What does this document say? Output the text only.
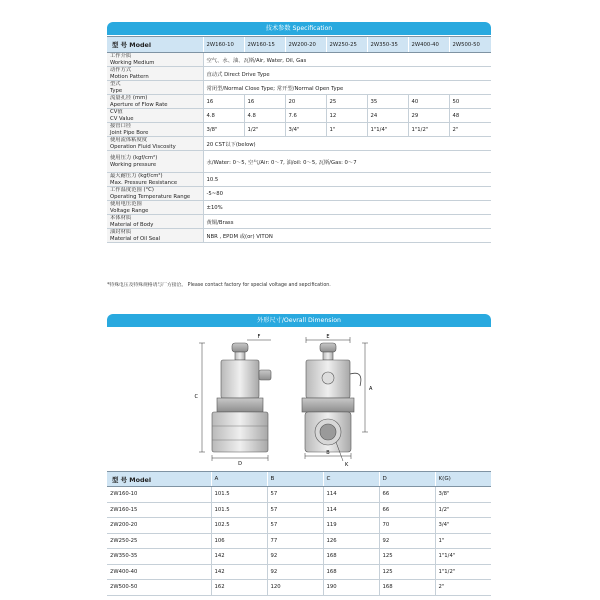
技术参数 Specification
型 号 Model	2W160-10	2W160-15	2W200-20	2W250-25	2W350-35	2W400-40	2W500-50

工作介质
Working Medium	空气、水、油、瓦斯/Air, Water, Oil, Gas						

动作方式
Motion Pattern	直动式 Direct Drive Type						

型式
Type	常闭型/Normal Close Type; 常开型/Normal Open Type						

流量孔径 (mm)
Aperture of Flow Rate	16	16	20	25	35	40	50

CV值
CV Value	4.8	4.8	7.6	12	24	29	48

接管口径
Joint Pipe Bore	3/8"	1/2"	3/4"	1"	1"1/4"	1"1/2"	2"

使用流体粘度度
Operation Fluid Viscosity	20 CST以下(below)						

使用压力 (kgf/cm²)
Working pressure	水/Water: 0～5, 空气/Air: 0～7, 油/oil: 0～5, 瓦斯/Gas: 0～7						

最大耐压力 (kgf/cm²)
Max. Pressure Resistance	10.5						

工作温度范围 (°C)
Operating Temperature Range	-5~80						

使用电压范围
Voltage Range	±10%						

本体材质
Material of Body	黄铜/Brass						

油封材质
Material of Oil Seal	NBR , EPDM 或(or) VITON						
*特殊电压及特殊规格请与厂方接洽。 Please contact factory for special voltage and sepcification.
外形尺寸/Oevrall Dimension
F
C
D
E
A
B
K
型 号 Model	A	B	C	D	K(G)
2W160-10	101.5	57	114	66	3/8"
2W160-15	101.5	57	114	66	1/2"
2W200-20	102.5	57	119	70	3/4"
2W250-25	106	77	126	92	1"
2W350-35	142	92	168	125	1"1/4"
2W400-40	142	92	168	125	1"1/2"
2W500-50	162	120	190	168	2"
